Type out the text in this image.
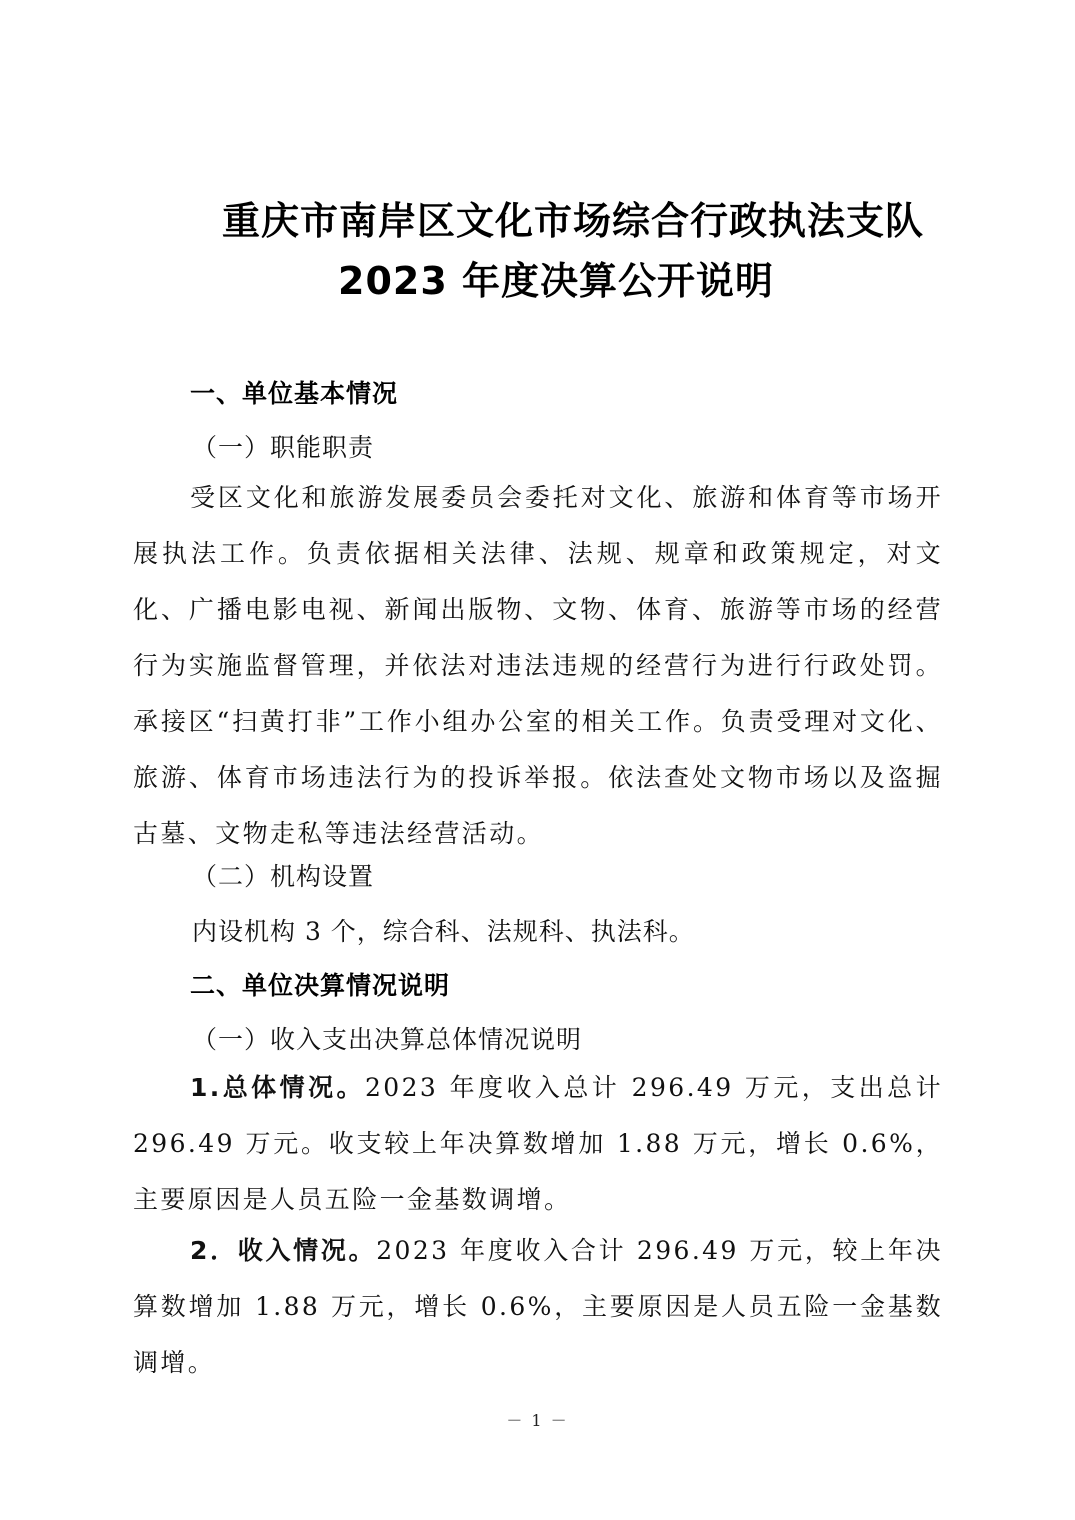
重庆市南岸区文化市场综合行政执法支队
2023 年度决算公开说明
一、单位基本情况
（一）职能职责

受区文化和旅游发展委员会委托对文化、旅游和体育等市场开展执法工作。负责依据相关法律、法规、规章和政策规定，对文化、广播电影电视、新闻出版物、文物、体育、旅游等市场的经营行为实施监督管理，并依法对违法违规的经营行为进行行政处罚。承接区“扫黄打非”工作小组办公室的相关工作。负责受理对文化、旅游、体育市场违法行为的投诉举报。依法查处文物市场以及盗掘古墓、文物走私等违法经营活动。

（二）机构设置
内设机构 3 个，综合科、法规科、执法科。
二、单位决算情况说明
（一）收入支出决算总体情况说明

1.总体情况。2023 年度收入总计 296.49 万元，支出总计 296.49 万元。收支较上年决算数增加 1.88 万元，增长 0.6%，主要原因是人员五险一金基数调增。

2．收入情况。2023 年度收入合计 296.49 万元，较上年决算数增加 1.88 万元，增长 0.6%，主要原因是人员五险一金基数调增。

－ 1 －
